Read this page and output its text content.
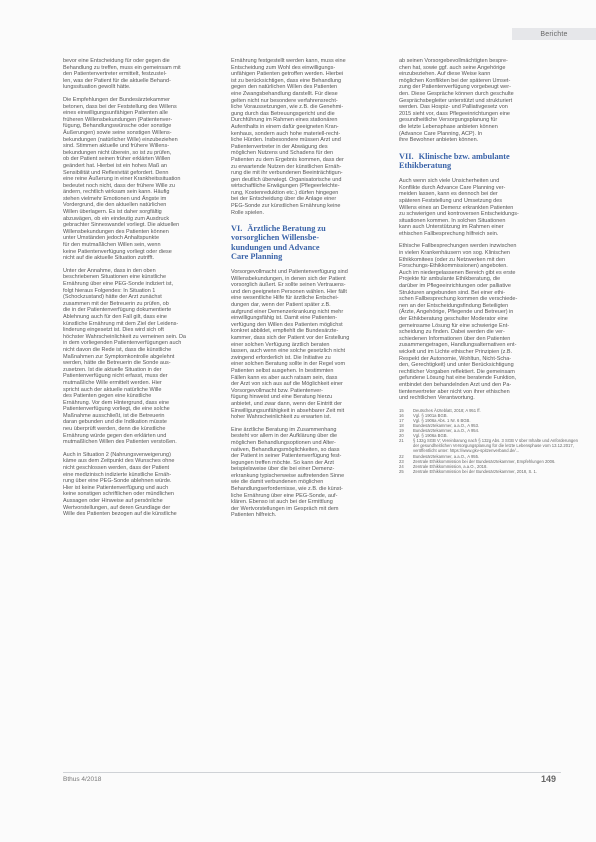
Berichte
bevor eine Entscheidung für oder gegen die
Behandlung zu treffen, muss ein gemeinsam mit
den Patientenvertreter ermittelt, festzustel-
len, was der Patient für die aktuelle Behand-
lungssituation gewollt hätte.
Die Empfehlungen der Bundesärztekammer
betonen, dass bei der Feststellung des Willens
eines einwilligungsunfähigen Patienten alle
früheren Willensbekundungen (Patientenver-
fügung, Behandlungswünsche oder sonstige
Äußerungen) sowie seine sonstigen Willens-
bekundungen (natürlicher Wille) einzubeziehen
sind. Stimmen aktuelle und frühere Willens-
bekundungen nicht überein, so ist zu prüfen,
ob der Patient seinen früher erklärten Willen
geändert hat. Hierbei ist ein hohes Maß an
Sensibilität und Reflexivität gefordert. Denn
eine reine Äußerung in einer Krankheitssituation
bedeutet noch nicht, dass der frühere Wille zu
ändern, rechtlich wirksam sein kann. Häufig
stehen vielmehr Emotionen und Ängste im
Vordergrund, die den aktuellen natürlichen
Willen überlagern. Es ist daher sorgfältig
abzuwägen, ob ein eindeutig zum Ausdruck
gebrachter Sinneswandel vorliegt. Die aktuellen
Willensbekundungen des Patienten können
unter Umständen jedoch Anhaltspunkte
für den mutmaßlichen Willen sein, wenn
keine Patientenverfügung vorliegt oder diese
nicht auf die aktuelle Situation zutrifft.
Unter der Annahme, dass in den oben
beschriebenen Situationen eine künstliche
Ernährung über eine PEG-Sonde indiziert ist,
folgt hieraus Folgendes: In Situation 1
(Schockzustand) hätte der Arzt zunächst
zusammen mit der Betreuerin zu prüfen, ob
die in der Patientenverfügung dokumentierte
Ablehnung auch für den Fall gilt, dass eine
künstliche Ernährung mit dem Ziel der Leidens-
linderung eingesetzt ist. Dies wird sich oft
höchster Wahrscheinlichkeit zu verneinen sein. Da
in dem vorliegenden Patientenverfügungen auch
nicht davon die Rede ist, dass die künstliche
Maßnahmen zur Symptomkontrolle abgelehnt
werden, hätte die Betreuerin die Sonde aus-
zusetzen. Ist die aktuelle Situation in der
Patientenverfügung nicht erfasst, muss der
mutmaßliche Wille ermittelt werden. Hier
spricht auch der aktuelle natürliche Wille
des Patienten gegen eine künstliche
Ernährung. Vor dem Hintergrund, dass eine
Patientenverfügung vorliegt, die eine solche
Maßnahme ausschließt, ist die Betreuerin
daran gebunden und die Indikation müsste
neu überprüft werden, denn die künstliche
Ernährung würde gegen den erklärten und
mutmaßlichen Willen des Patienten verstoßen.
Auch in Situation 2 (Nahrungsverweigerung)
käme aus dem Zeitpunkt des Wunsches ohne
nicht geschlossen werden, dass der Patient
eine medizinisch indizierte künstliche Ernäh-
rung über eine PEG-Sonde ablehnen würde.
Hier ist keine Patientenverfügung und auch
keine sonstigen schriftlichen oder mündlichen
Aussagen oder Hinweise auf persönliche
Wertvorstellungen, auf deren Grundlage der
Wille des Patienten bezogen auf die künstliche
Ernährung festgestellt werden kann, muss eine
Entscheidung zum Wohl des einwilligungs-
unfähigen Patienten getroffen werden. Hierbei
ist zu berücksichtigen, dass eine Behandlung
gegen den natürlichen Willen des Patienten
eine Zwangsbehandlung darstellt. Für diese
gelten nicht nur besondere verfahrensrecht-
liche Voraussetzungen, wie z.B. die Genehmi-
gung durch das Betreuungsgericht und die
Durchführung im Rahmen eines stationären
Aufenthalts in einem dafür geeigneten Kran-
kenhaus, sondern auch hohe materiell-recht-
liche Hürden. Insbesondere müssen Arzt und
Patientenvertreter in der Abwägung des
möglichen Nutzens und Schadens für den
Patienten zu dem Ergebnis kommen, dass der
zu erwartende Nutzen der künstlichen Ernäh-
rung die mit ihr verbundenen Beeinträchtigun-
gen deutlich überwiegt. Organisatorische und
wirtschaftliche Erwägungen (Pflegeerleichte-
rung, Kostenreduktion etc.) dürfen hingegen
bei der Entscheidung über die Anlage einer
PEG-Sonde zur künstlichen Ernährung keine
Rolle spielen.
VI. Ärztliche Beratung zu
vorsorglichen Willensbe-
kundungen und Advance
Care Planning
Vorsorgevollmacht und Patientenverfügung sind
Willensbekundungen, in denen sich der Patient
vorsorglich äußert. Er sollte seinen Vertrauens-
und den geeigneten Personen wählen. Hier fällt
eine wesentliche Hilfe für ärztliche Entschei-
dungen dar, wenn der Patient später z.B.
aufgrund einer Demenzerkrankung nicht mehr
einwilligungsfähig ist. Damit eine Patienten-
verfügung den Willen des Patienten möglichst
konkret abbildet, empfiehlt die Bundesärzte-
kammer, dass sich der Patient vor der Erstellung
einer solchen Verfügung ärztlich beraten
lassen, auch wenn eine solche gesetzlich nicht
zwingend erforderlich ist. Die Initiative zu
einer solchen Beratung sollte in der Regel vom
Patienten selbst ausgehen. In bestimmten
Fällen kann es aber auch ratsam sein, dass
der Arzt von sich aus auf die Möglichkeit einer
Vorsorgevollmacht bzw. Patientenver-
fügung hinweist und eine Beratung hierzu
anbietet, und zwar dann, wenn der Eintritt der
Einwilligungsunfähigkeit in absehbarer Zeit mit
hoher Wahrscheinlichkeit zu erwarten ist.
Eine ärztliche Beratung im Zusammenhang
besteht vor allem in der Aufklärung über die
möglichen Behandlungsoptionen und Alter-
nativen, Behandlungsmöglichkeiten, so dass
der Patient in seiner Patientenverfügung fest-
legungen treffen möchte. So kann der Arzt
beispielsweise über die bei einer Demenz-
erkrankung typischerweise auftretenden Sinne
wie die damit verbundenen möglichen
Behandlungserfordernisse, wie z.B. die künst-
liche Ernährung über eine PEG-Sonde, auf-
klären. Ebenso ist auch bei der Ermittlung
der Wertvorstellungen im Gespräch mit dem
Patienten hilfreich.
ab seinen Vorsorgebevollmächtigten bespre-
chen hat, sowie ggf. auch seine Angehörige
einzubeziehen. Auf diese Weise kann
möglichen Konflikten bei der späteren Umset-
zung der Patientenverfügung vorgebeugt wer-
den. Diese Gespräche können durch geschulte
Gesprächsbegleiter unterstützt und strukturiert
werden. Das Hospiz- und Palliativgesetz von
2015 sieht vor, dass Pflegeeinrichtungen eine
gesundheitliche Versorgungsplanung für
die letzte Lebensphase anbieten können
(Advance Care Planning, ACP). In
ihre Bewohner anbieten können.
VII. Klinische bzw. ambulante
Ethikberatung
Auch wenn sich viele Unsicherheiten und
Konflikte durch Advance Care Planning ver-
meiden lassen, kann es dennoch bei der
späteren Feststellung und Umsetzung des
Willens eines an Demenz erkrankten Patienten
zu schwierigen und kontroversen Entscheidungs-
situationen kommen. In solchen Situationen
kann auch Unterstützung im Rahmen einer
ethischen Fallbesprechung hilfreich sein.
Ethische Fallbesprechungen werden inzwischen
in vielen Krankenhäusern von sog. Klinischen
Ethikkomitees (oder zu Netzwerken mit den
Forschungs-Ethikkommissionen) angeboten.
Auch im niedergelassenen Bereich gibt es erste
Projekte für ambulante Ethikberatung, die
darüber im Pflegeeinrichtungen oder palliative
Strukturen angebunden sind. Bei einer ethi-
schen Fallbesprechung kommen die verschiede-
nen an der Entscheidungsfindung Beteiligten
(Ärzte, Angehörige, Pflegende und Betreuer) in
der Ethikberatung geschulter Moderator eine
gemeinsame Lösung für eine schwierige Ent-
scheidung zu finden. Dabei werden die ver-
schiedenen Informationen über den Patienten
zusammengetragen, Handlungsalternativen ent-
wickelt und im Lichte ethischer Prinzipien (z.B.
Respekt der Autonomie, Wohltun, Nicht-Scha-
den, Gerechtigkeit) und unter Berücksichtigung
rechtlicher Vorgaben reflektiert. Die gemeinsam
gefundene Lösung hat eine beratende Funktion,
entbindet den behandelnden Arzt und den Pa-
tientenvertreter aber nicht von ihrer ethischen
und rechtlichen Verantwortung.
15	Deutsches Ärzteblatt, 2018; A 951 ff.
16	Vgl. § 1901a BGB.
17	Vgl. § 1906a Abs. 1 Nr. 6 BGB.
18	Bundesärztekammer, a.a.O., A 953.
19	Bundesärztekammer, a.a.O., A 954.
20	Vgl. § 1906a BGB.
21	§ 132g SGB V; Vereinbarung nach § 132g Abs. 3 SGB V über Inhalte und Anforderungen
der gesundheitlichen Versorgungsplanung für die letzte Lebensphase vom 13.12.2017,
veröffentlicht unter: https://www.gkv-spitzenverband.de/...
22	Bundesärztekammer, a.a.O., A 955.
23	Zentrale Ethikkommission bei der Bundesärztekammer, Empfehlungen 2006.
24	Zentrale Ethikkommission, a.a.O., 2018.
25	Zentrale Ethikkommission bei der Bundesärztekammer, 2018, S. 1.
Bthus 4/2018	149
